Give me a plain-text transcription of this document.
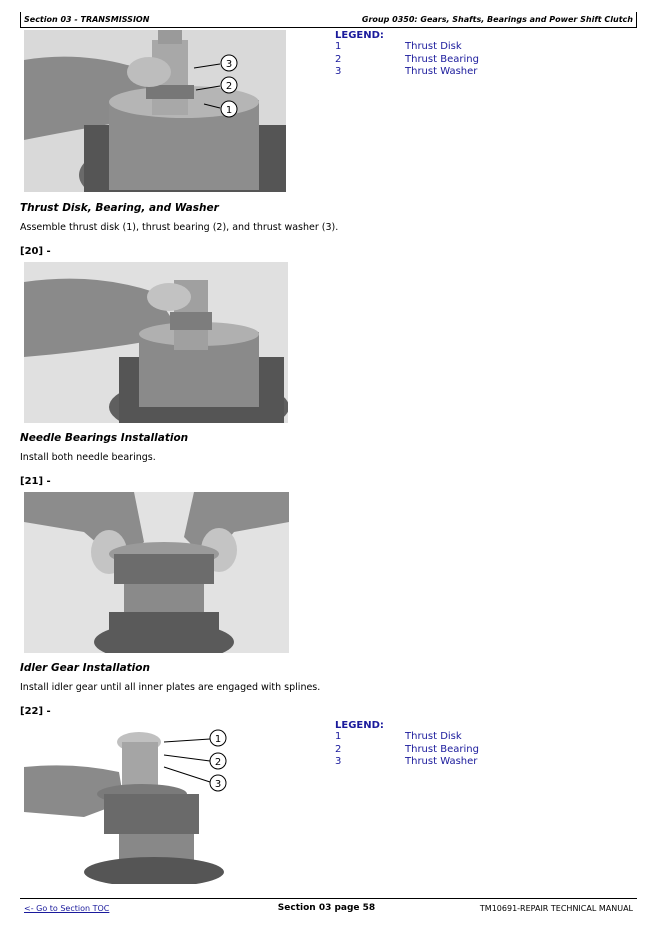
Section 03 - TRANSMISSION	Group 0350: Gears, Shafts, Bearings and Power Shift Clutch
3
2
1
LEGEND:
1	Thrust Disk
2	Thrust Bearing
3	Thrust Washer
Thrust Disk, Bearing, and Washer
Assemble thrust disk (1), thrust bearing (2), and thrust washer (3).
[20] -
Needle Bearings Installation
Install both needle bearings.
[21] -
Idler Gear Installation
Install idler gear until all inner plates are engaged with splines.
[22] -
1
2
3
LEGEND:
1	Thrust Disk
2	Thrust Bearing
3	Thrust Washer
<- Go to Section TOC	Section 03 page 58	TM10691-REPAIR TECHNICAL MANUAL
